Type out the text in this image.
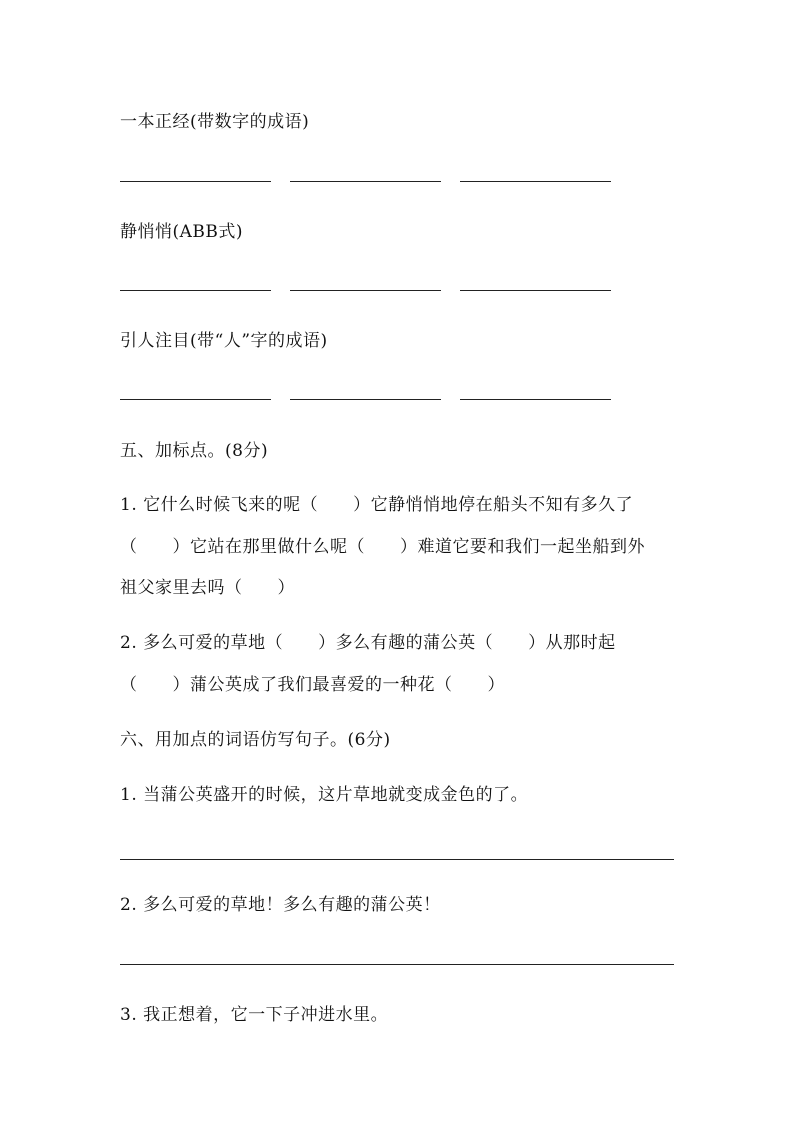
一本正经(带数字的成语)
静悄悄(ABB式)
引人注目(带“人”字的成语)
五、加标点。(8分)
1. 它什么时候飞来的呢（　　）它静悄悄地停在船头不知有多久了
（　　）它站在那里做什么呢（　　）难道它要和我们一起坐船到外
祖父家里去吗（　　）
2. 多么可爱的草地（　　）多么有趣的蒲公英（　　）从那时起
（　　）蒲公英成了我们最喜爱的一种花（　　）
六、用加点的词语仿写句子。(6分)
1. 当蒲公英盛开的时候，这片草地就变成金色的了。
2. 多么可爱的草地！多么有趣的蒲公英！
3. 我正想着，它一下子冲进水里。
